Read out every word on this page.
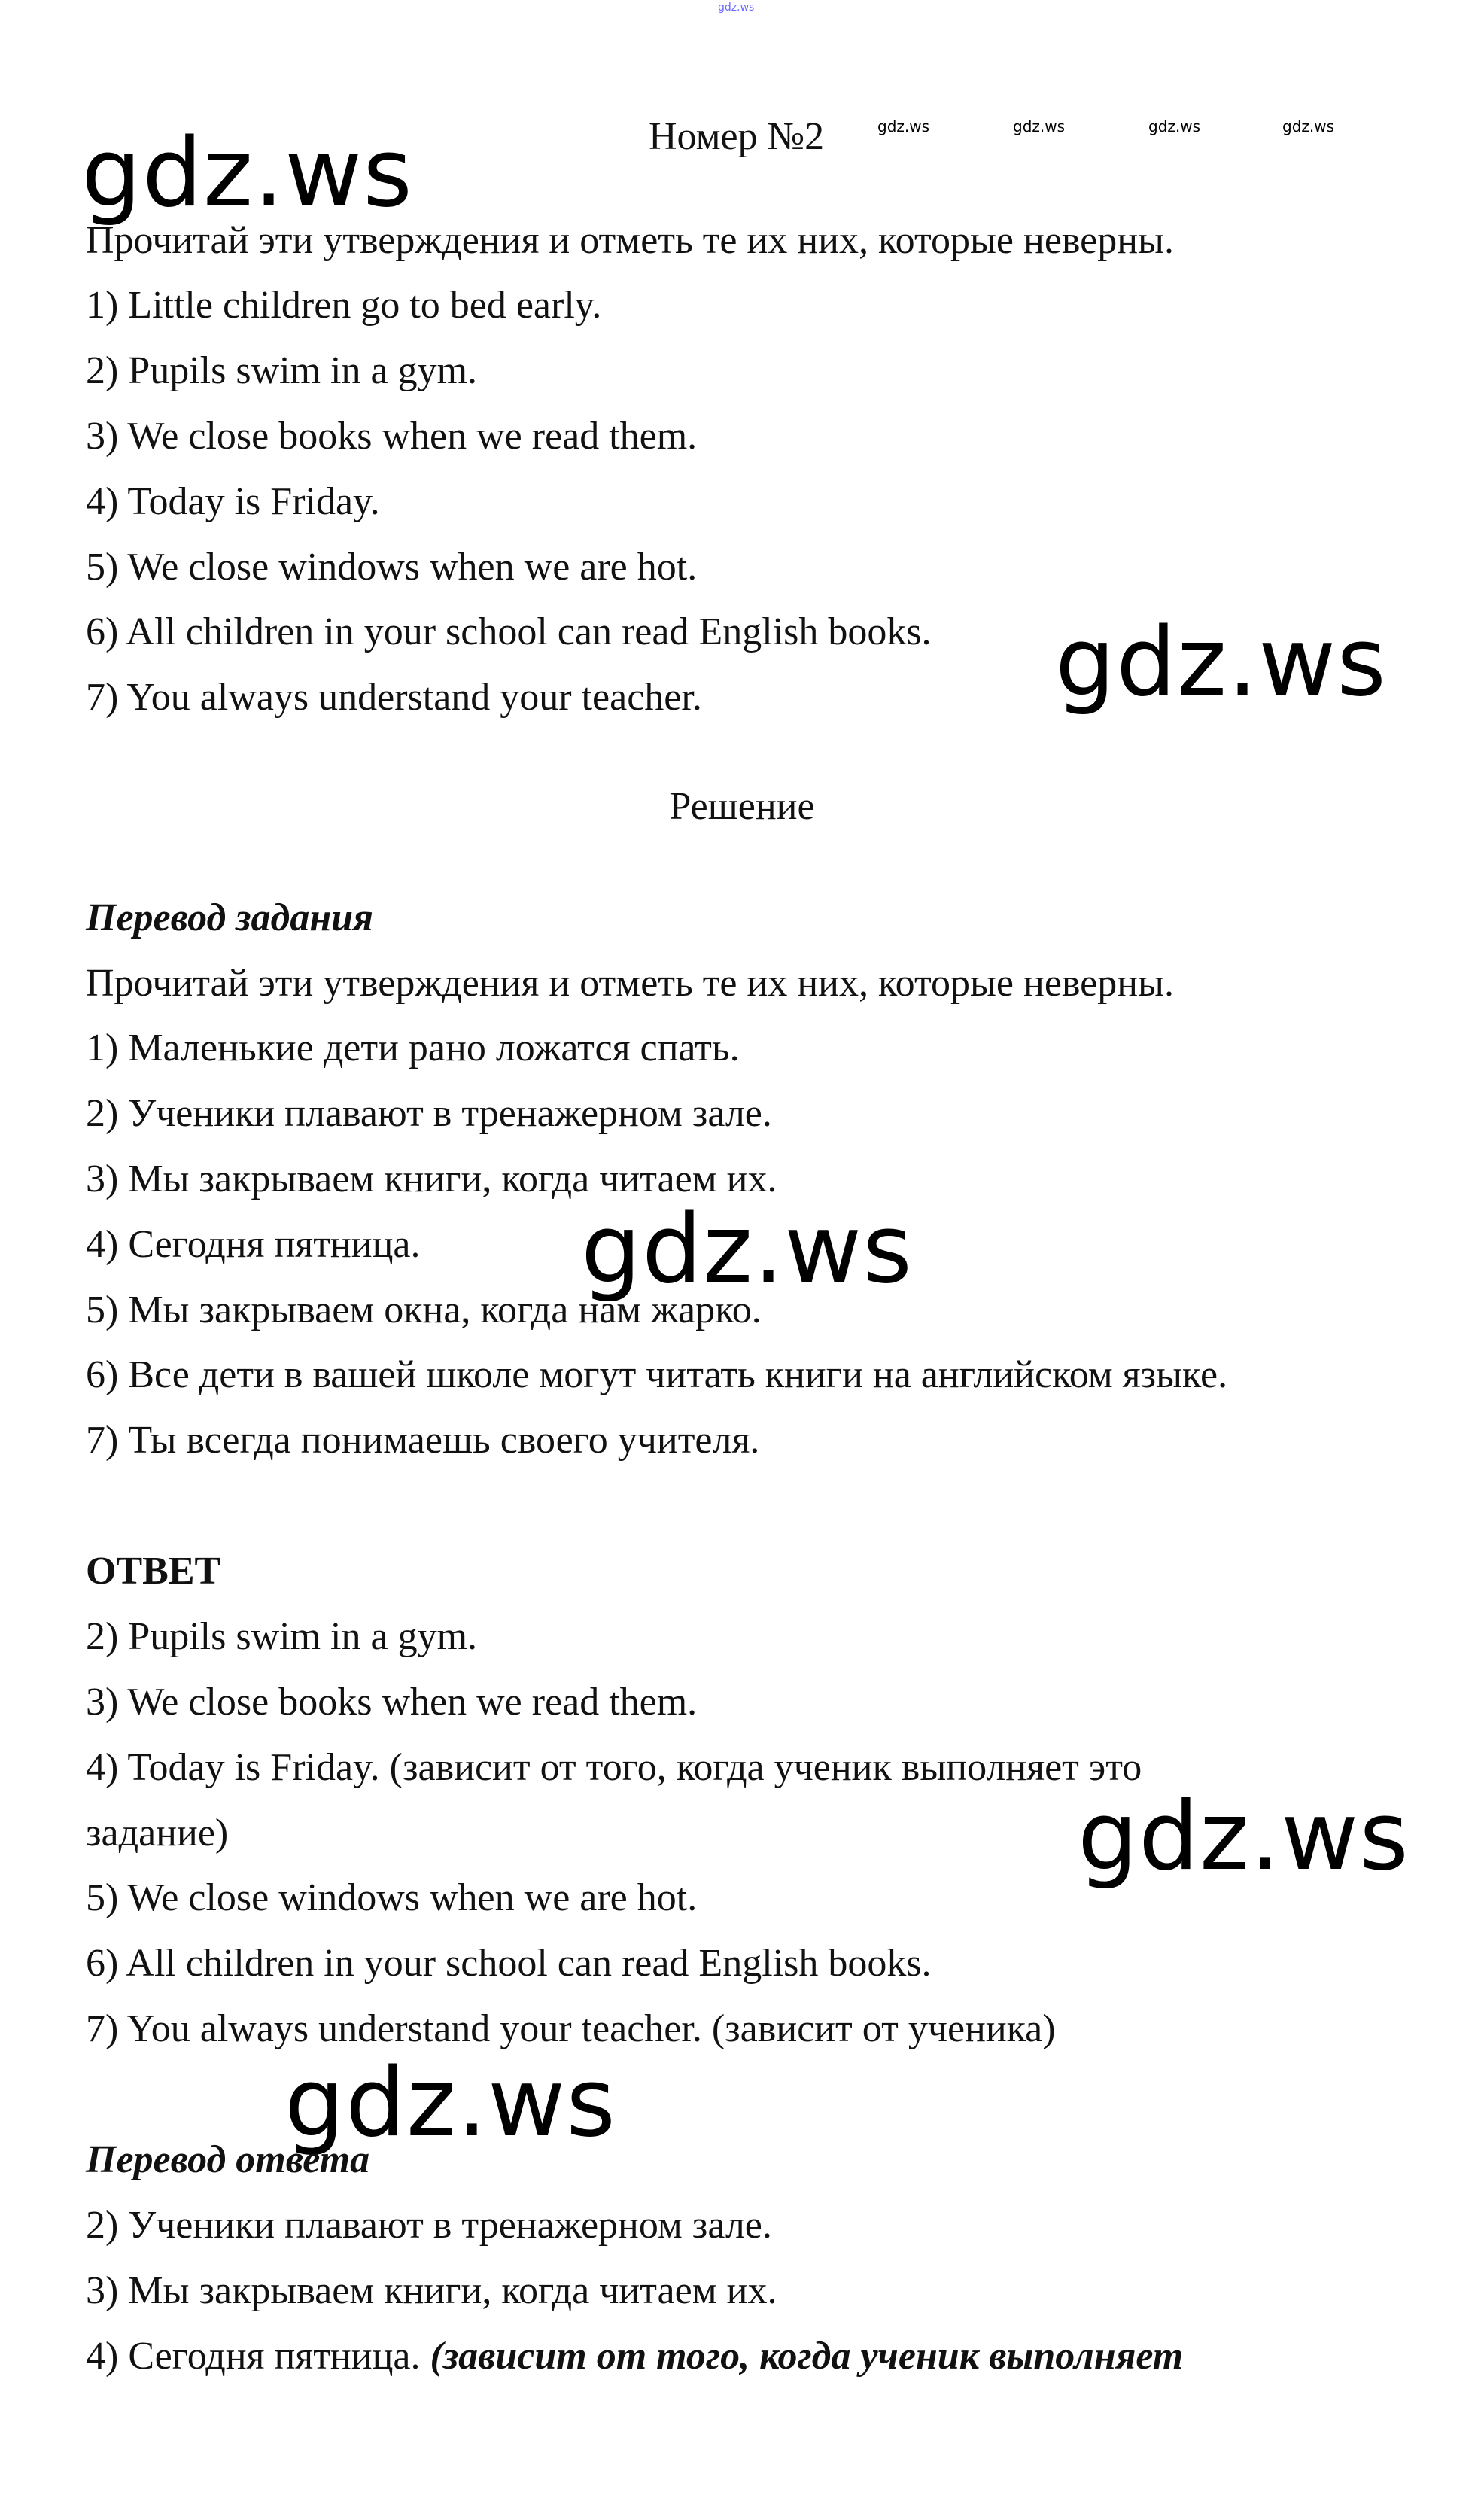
gdz.ws
gdz.ws	gdz.ws	gdz.ws	gdz.ws
Номер №2
gdz.ws
Прочитай эти утверждения и отметь те их них, которые неверны.
1) Little children go to bed early.
2) Pupils swim in a gym.
3) We close books when we read them.
4) Today is Friday.
5) We close windows when we are hot.
6) All children in your school can read English books.
7) You always understand your teacher.	gdz.ws
Решение
Перевод задания
Прочитай эти утверждения и отметь те их них, которые неверны.
1) Маленькие дети рано ложатся спать.
2) Ученики плавают в тренажерном зале.
3) Мы закрываем книги, когда читаем их.
4) Сегодня пятница.
5) Мы закрываем окна, когда нам жарко.
6) Все дети в вашей школе могут читать книги на английском языке.
7) Ты всегда понимаешь своего учителя.
gdz.ws
ОТВЕТ
2) Pupils swim in a gym.
3) We close books when we read them.
4) Today is Friday. (зависит от того, когда ученик выполняет это
задание)
5) We close windows when we are hot.
6) All children in your school can read English books.
7) You always understand your teacher. (зависит от ученика)
gdz.ws
gdz.ws
Перевод ответа
2) Ученики плавают в тренажерном зале.
3) Мы закрываем книги, когда читаем их.
4) Сегодня пятница. (зависит от того, когда ученик выполняет
